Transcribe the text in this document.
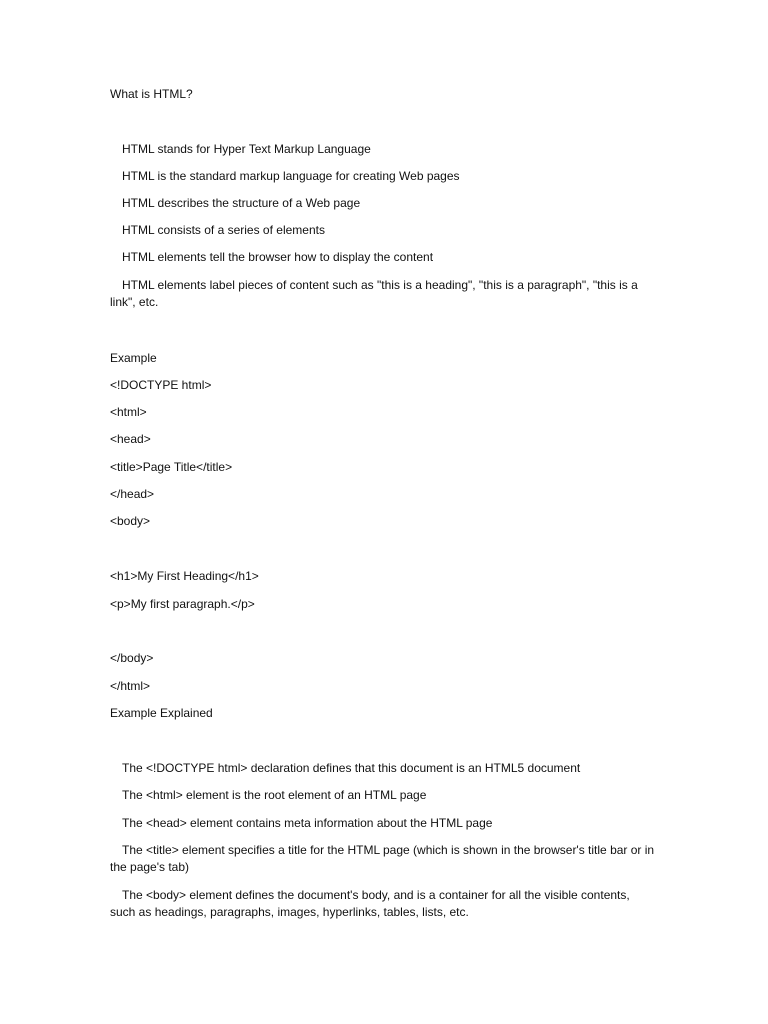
What is HTML?
HTML stands for Hyper Text Markup Language
HTML is the standard markup language for creating Web pages
HTML describes the structure of a Web page
HTML consists of a series of elements
HTML elements tell the browser how to display the content
HTML elements label pieces of content such as "this is a heading", "this is a paragraph", "this is a link", etc.
Example
<!DOCTYPE html>
<html>
<head>
<title>Page Title</title>
</head>
<body>
<h1>My First Heading</h1>
<p>My first paragraph.</p>
</body>
</html>
Example Explained
The <!DOCTYPE html> declaration defines that this document is an HTML5 document
The <html> element is the root element of an HTML page
The <head> element contains meta information about the HTML page
The <title> element specifies a title for the HTML page (which is shown in the browser's title bar or in the page's tab)
The <body> element defines the document's body, and is a container for all the visible contents, such as headings, paragraphs, images, hyperlinks, tables, lists, etc.
